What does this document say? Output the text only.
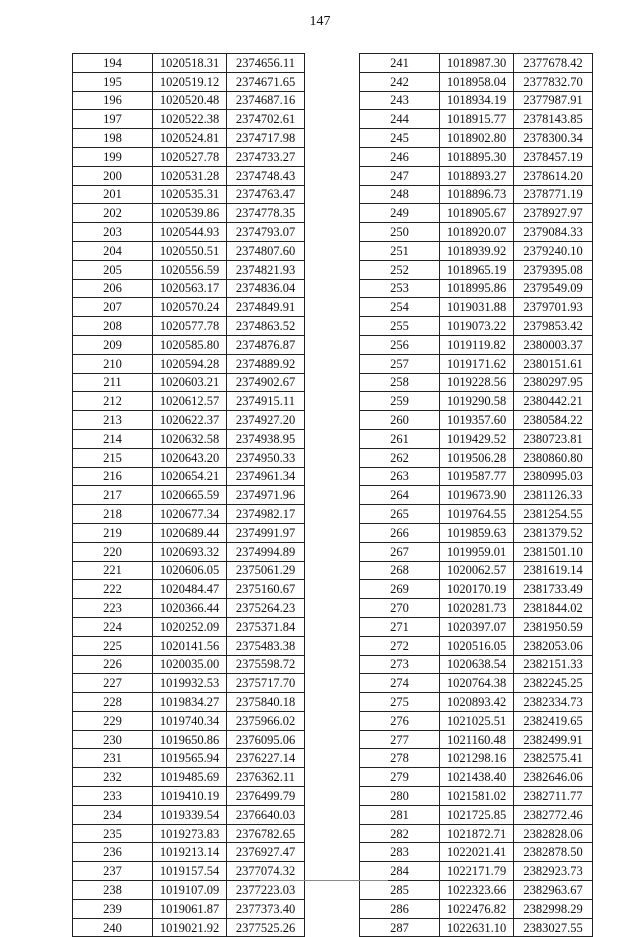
147
194	1020518.31	2374656.11
195	1020519.12	2374671.65
196	1020520.48	2374687.16
197	1020522.38	2374702.61
198	1020524.81	2374717.98
199	1020527.78	2374733.27
200	1020531.28	2374748.43
201	1020535.31	2374763.47
202	1020539.86	2374778.35
203	1020544.93	2374793.07
204	1020550.51	2374807.60
205	1020556.59	2374821.93
206	1020563.17	2374836.04
207	1020570.24	2374849.91
208	1020577.78	2374863.52
209	1020585.80	2374876.87
210	1020594.28	2374889.92
211	1020603.21	2374902.67
212	1020612.57	2374915.11
213	1020622.37	2374927.20
214	1020632.58	2374938.95
215	1020643.20	2374950.33
216	1020654.21	2374961.34
217	1020665.59	2374971.96
218	1020677.34	2374982.17
219	1020689.44	2374991.97
220	1020693.32	2374994.89
221	1020606.05	2375061.29
222	1020484.47	2375160.67
223	1020366.44	2375264.23
224	1020252.09	2375371.84
225	1020141.56	2375483.38
226	1020035.00	2375598.72
227	1019932.53	2375717.70
228	1019834.27	2375840.18
229	1019740.34	2375966.02
230	1019650.86	2376095.06
231	1019565.94	2376227.14
232	1019485.69	2376362.11
233	1019410.19	2376499.79
234	1019339.54	2376640.03
235	1019273.83	2376782.65
236	1019213.14	2376927.47
237	1019157.54	2377074.32
238	1019107.09	2377223.03
239	1019061.87	2377373.40
240	1019021.92	2377525.26
241	1018987.30	2377678.42
242	1018958.04	2377832.70
243	1018934.19	2377987.91
244	1018915.77	2378143.85
245	1018902.80	2378300.34
246	1018895.30	2378457.19
247	1018893.27	2378614.20
248	1018896.73	2378771.19
249	1018905.67	2378927.97
250	1018920.07	2379084.33
251	1018939.92	2379240.10
252	1018965.19	2379395.08
253	1018995.86	2379549.09
254	1019031.88	2379701.93
255	1019073.22	2379853.42
256	1019119.82	2380003.37
257	1019171.62	2380151.61
258	1019228.56	2380297.95
259	1019290.58	2380442.21
260	1019357.60	2380584.22
261	1019429.52	2380723.81
262	1019506.28	2380860.80
263	1019587.77	2380995.03
264	1019673.90	2381126.33
265	1019764.55	2381254.55
266	1019859.63	2381379.52
267	1019959.01	2381501.10
268	1020062.57	2381619.14
269	1020170.19	2381733.49
270	1020281.73	2381844.02
271	1020397.07	2381950.59
272	1020516.05	2382053.06
273	1020638.54	2382151.33
274	1020764.38	2382245.25
275	1020893.42	2382334.73
276	1021025.51	2382419.65
277	1021160.48	2382499.91
278	1021298.16	2382575.41
279	1021438.40	2382646.06
280	1021581.02	2382711.77
281	1021725.85	2382772.46
282	1021872.71	2382828.06
283	1022021.41	2382878.50
284	1022171.79	2382923.73
285	1022323.66	2382963.67
286	1022476.82	2382998.29
287	1022631.10	2383027.55
